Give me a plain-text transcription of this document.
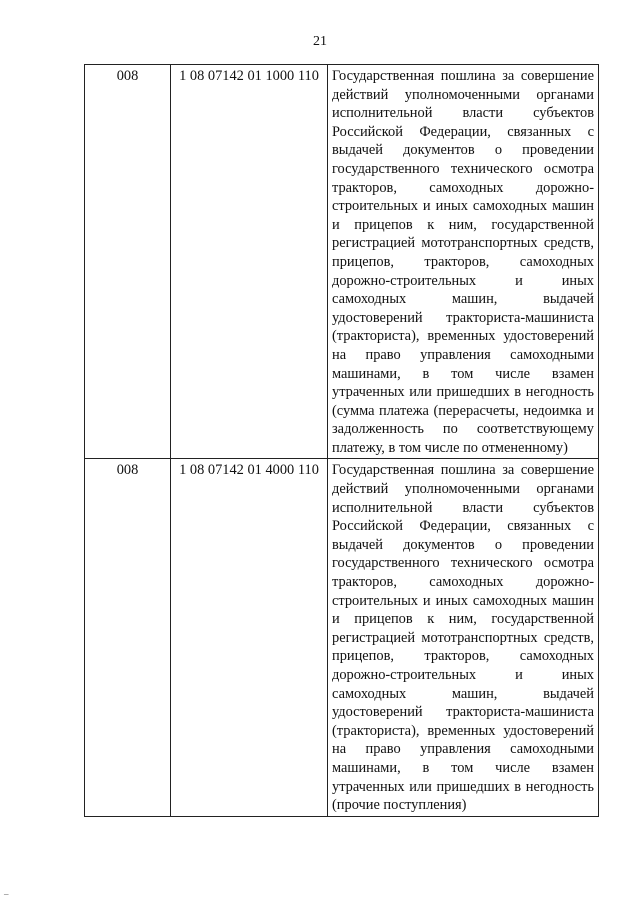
21
008	1 08 07142 01 1000 110	Государственная пошлина за совершение действий уполномоченными органами исполнительной власти субъектов Российской Федерации, связанных с выдачей документов о проведении государственного технического осмотра тракторов, самоходных дорожно-строительных и иных самоходных машин и прицепов к ним, государственной регистрацией мототранспортных средств, прицепов, тракторов, самоходных дорожно-строительных и иных самоходных машин, выдачей удостоверений тракториста-машиниста (тракториста), временных удостоверений на право управления самоходными машинами, в том числе взамен утраченных или пришедших в негодность (сумма платежа (перерасчеты, недоимка и задолженность по соответствующему платежу, в том числе по отмененному)
008	1 08 07142 01 4000 110	Государственная пошлина за совершение действий уполномоченными органами исполнительной власти субъектов Российской Федерации, связанных с выдачей документов о проведении государственного технического осмотра тракторов, самоходных дорожно-строительных и иных самоходных машин и прицепов к ним, государственной регистрацией мототранспортных средств, прицепов, тракторов, самоходных дорожно-строительных и иных самоходных машин, выдачей удостоверений тракториста-машиниста (тракториста), временных удостоверений на право управления самоходными машинами, в том числе взамен утраченных или пришедших в негодность (прочие поступления)
–
